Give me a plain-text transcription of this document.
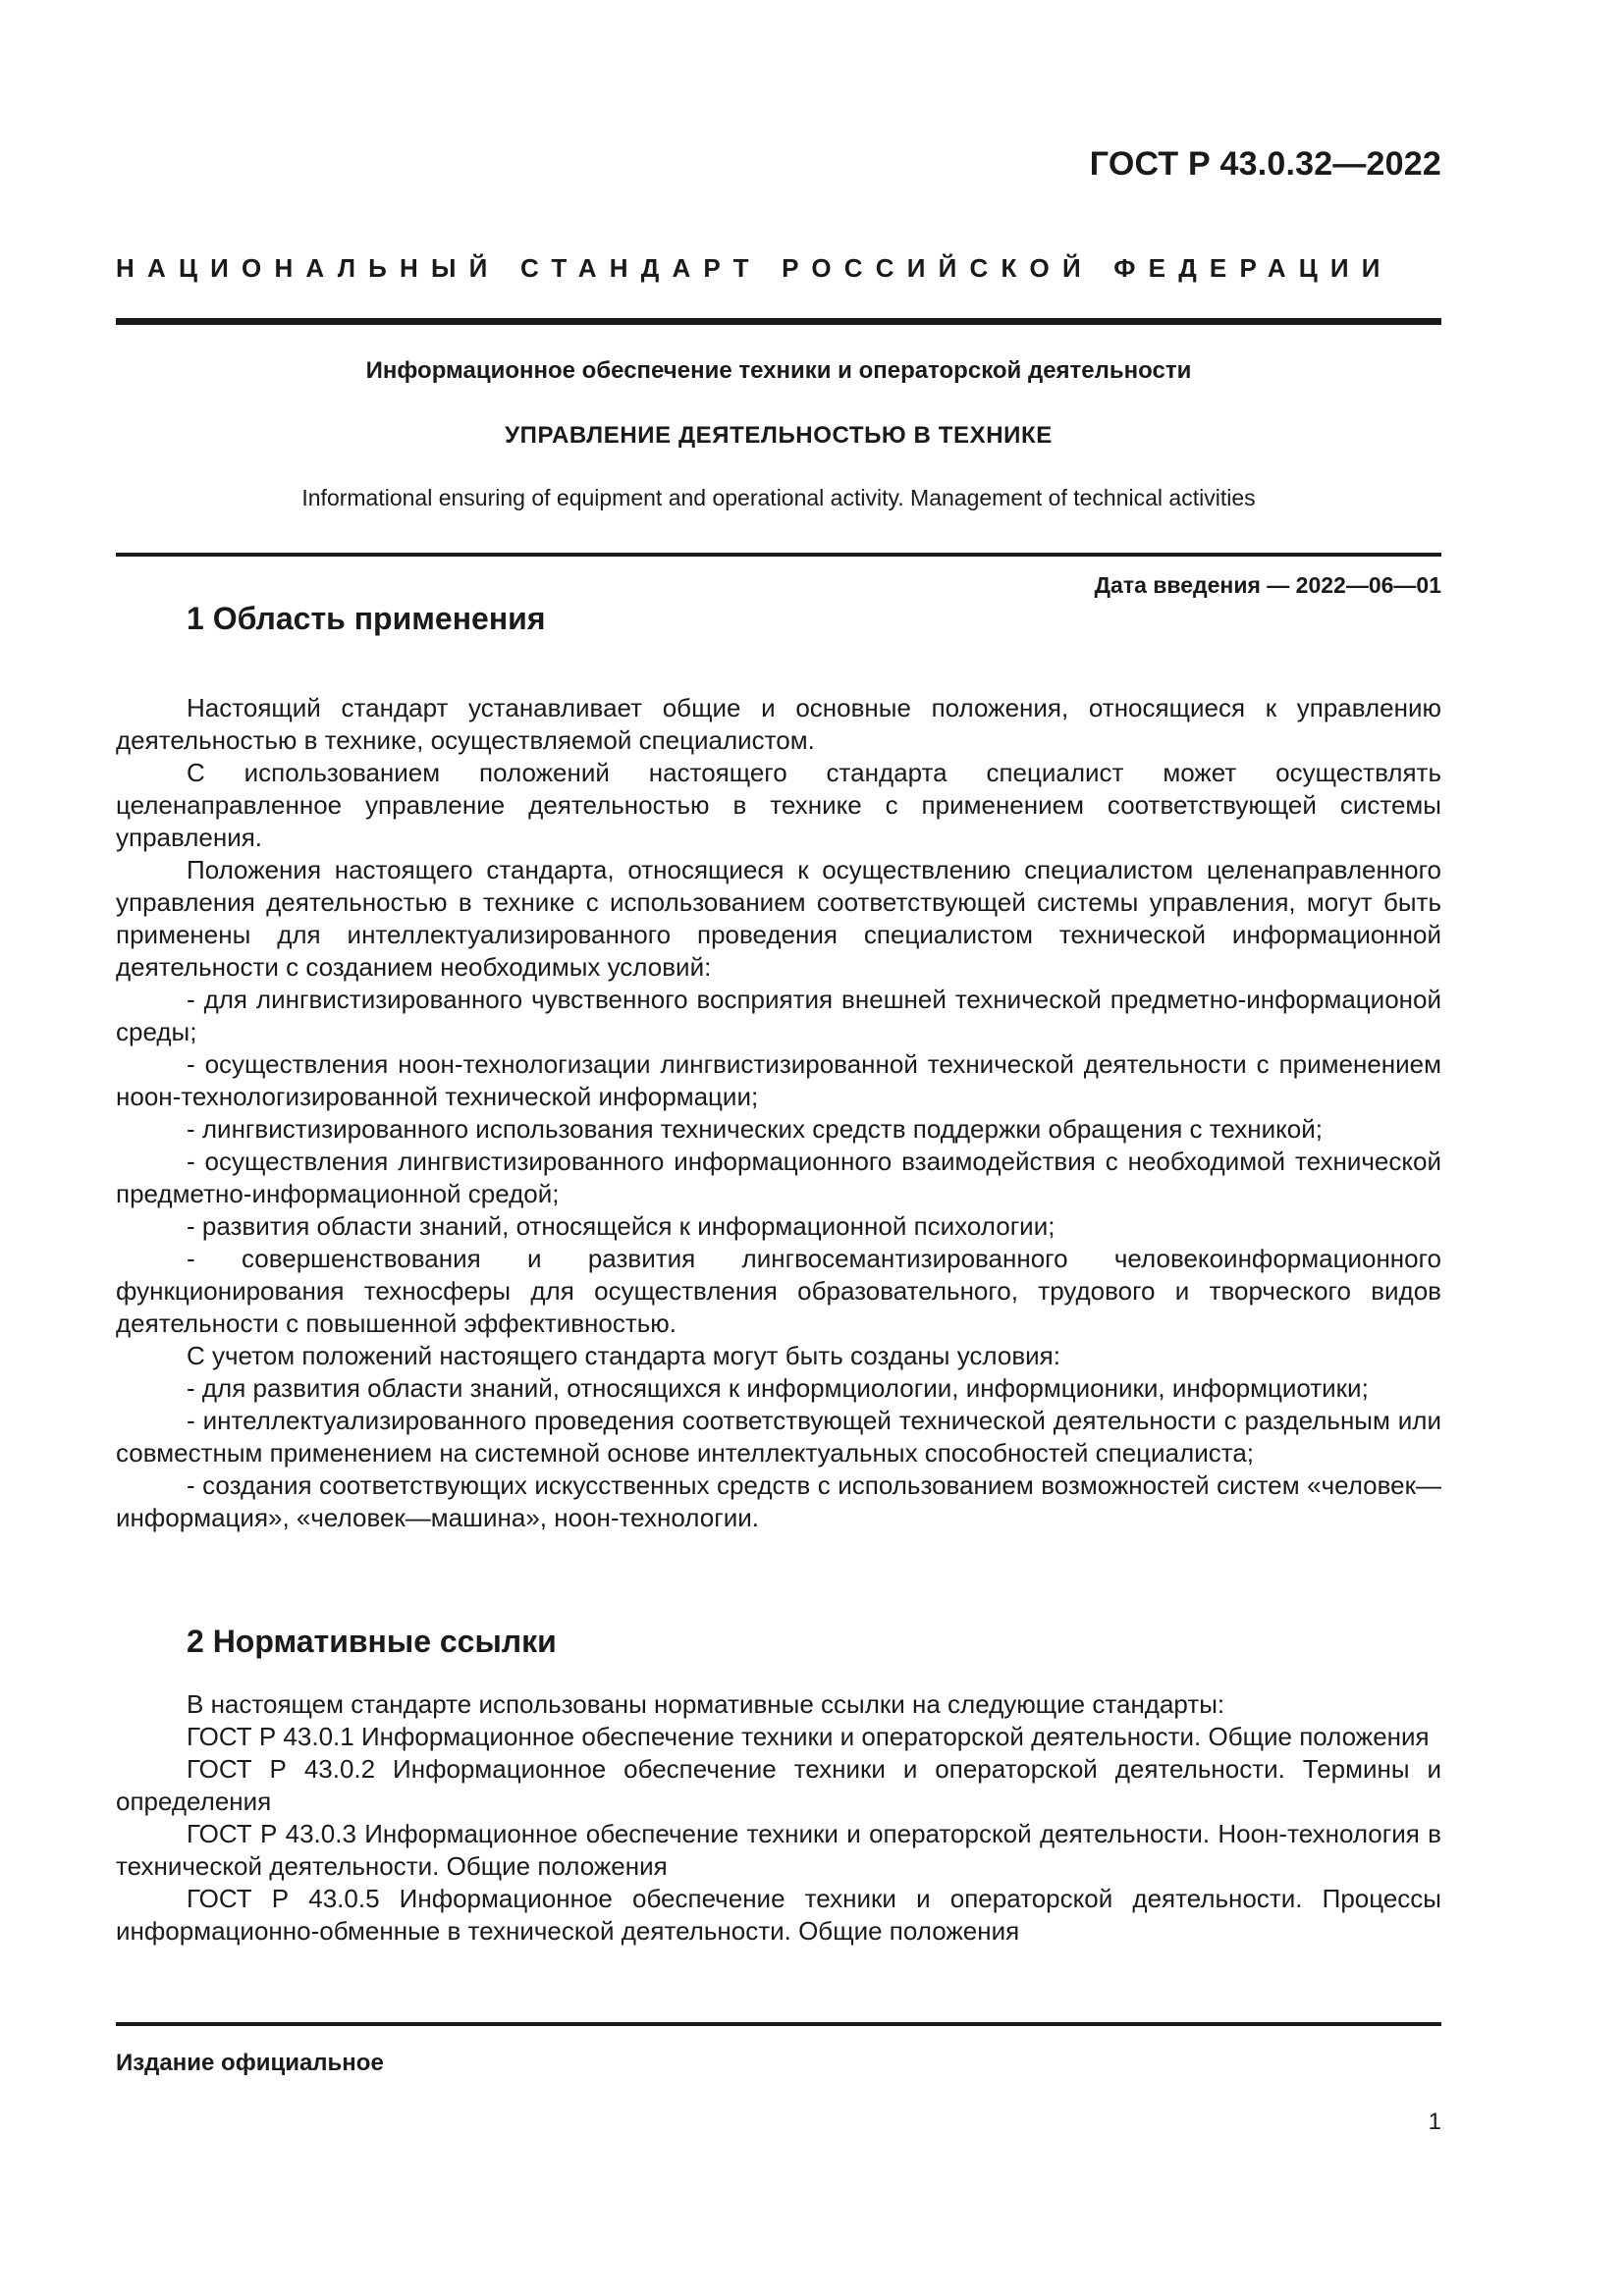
ГОСТ Р 43.0.32—2022
НАЦИОНАЛЬНЫЙ СТАНДАРТ РОССИЙСКОЙ ФЕДЕРАЦИИ
Информационное обеспечение техники и операторской деятельности
УПРАВЛЕНИЕ ДЕЯТЕЛЬНОСТЬЮ В ТЕХНИКЕ
Informational ensuring of equipment and operational activity. Management of technical activities
Дата введения — 2022—06—01
1 Область применения

Настоящий стандарт устанавливает общие и основные положения, относящиеся к управлению деятельностью в технике, осуществляемой специалистом.

С использованием положений настоящего стандарта специалист может осуществлять целенаправленное управление деятельностью в технике с применением соответствующей системы управления.

Положения настоящего стандарта, относящиеся к осуществлению специалистом целенаправленного управления деятельностью в технике с использованием соответствующей системы управления, могут быть применены для интеллектуализированного проведения специалистом технической информационной деятельности с созданием необходимых условий:

- для лингвистизированного чувственного восприятия внешней технической предметно-информационой среды;

- осуществления ноон-технологизации лингвистизированной технической деятельности с применением ноон-технологизированной технической информации;

- лингвистизированного использования технических средств поддержки обращения с техникой;

- осуществления лингвистизированного информационного взаимодействия с необходимой технической предметно-информационной средой;

- развития области знаний, относящейся к информационной психологии;

- совершенствования и развития лингвосемантизированного человекоинформационного функционирования техносферы для осуществления образовательного, трудового и творческого видов деятельности с повышенной эффективностью.

С учетом положений настоящего стандарта могут быть созданы условия:

- для развития области знаний, относящихся к информциологии, информционики, информциотики;

- интеллектуализированного проведения соответствующей технической деятельности с раздельным или совместным применением на системной основе интеллектуальных способностей специалиста;

- создания соответствующих искусственных средств с использованием возможностей систем «человек—информация», «человек—машина», ноон-технологии.

2 Нормативные ссылки

В настоящем стандарте использованы нормативные ссылки на следующие стандарты:

ГОСТ Р 43.0.1 Информационное обеспечение техники и операторской деятельности. Общие положения

ГОСТ Р 43.0.2 Информационное обеспечение техники и операторской деятельности. Термины и определения

ГОСТ Р 43.0.3 Информационное обеспечение техники и операторской деятельности. Ноон-технология в технической деятельности. Общие положения

ГОСТ Р 43.0.5 Информационное обеспечение техники и операторской деятельности. Процессы информационно-обменные в технической деятельности. Общие положения

Издание официальное
1
